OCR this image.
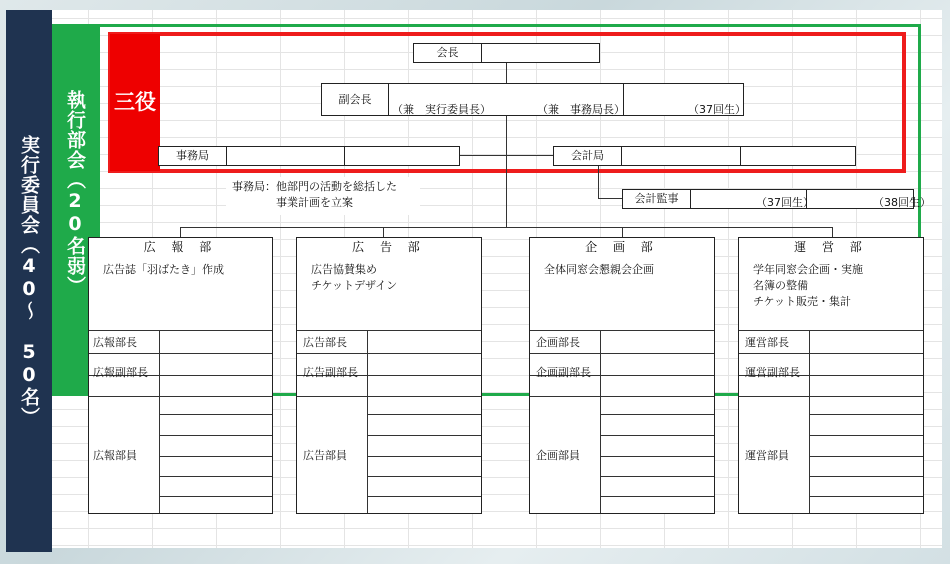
実行委員会（40〜　50名） 執行部会（20名弱） 三役
会長
副会長
（兼　実行委員長）	（兼　事務局長）	（37回生）
事務局	会計局
会計監事	（37回生）	（38回生）
事務局：他部門の活動を総括した
事業計画を立案
広 報 部
広告誌「羽ばたき」作成
広報部長
広報副部長
広報部員
広 告 部
広告協賛集め
チケットデザイン
広告部長
広告副部長
広告部員
企 画 部
全体同窓会懇親会企画
企画部長
企画副部長
企画部員
運 営 部
学年同窓会企画・実施
名簿の整備
チケット販売・集計
運営部長
運営副部長
運営部員
